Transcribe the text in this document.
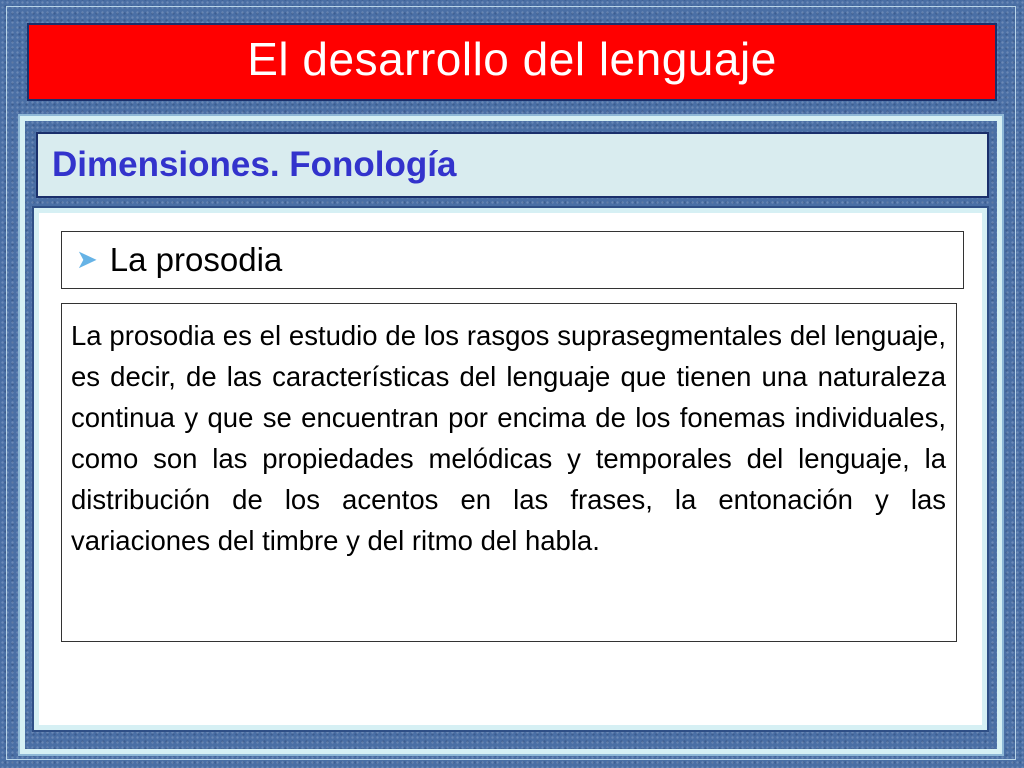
El desarrollo del lenguaje
Dimensiones. Fonología
➤ La prosodia

La prosodia es el estudio de los rasgos suprasegmentales del lenguaje, es decir, de las características del lenguaje que tienen una naturaleza continua y que se encuentran por encima de los fonemas individuales, como son las propiedades melódicas y temporales del lenguaje, la distribución de los acentos en las frases, la entonación y las variaciones del timbre y del ritmo del habla.
